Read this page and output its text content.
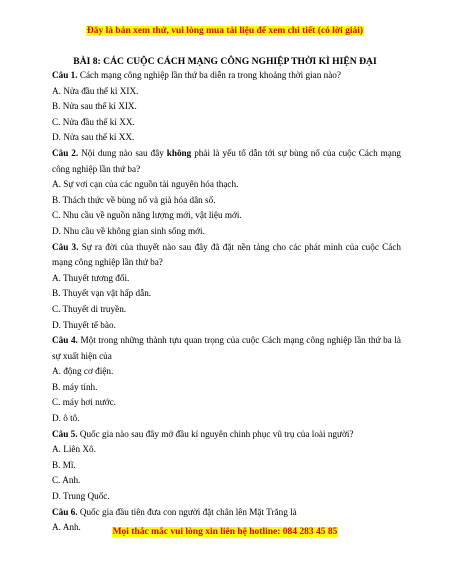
Đây là bản xem thử, vui lòng mua tài liệu để xem chi tiết (có lời giải)
BÀI 8: CÁC CUỘC CÁCH MẠNG CÔNG NGHIỆP THỜI KÌ HIỆN ĐẠI
Câu 1. Cách mạng công nghiệp lần thứ ba diễn ra trong khoảng thời gian nào?
A. Nửa đầu thế kỉ XIX.
B. Nửa sau thế kỉ XIX.
C. Nửa đầu thế kỉ XX.
D. Nửa sau thế kỉ XX.
Câu 2. Nội dung nào sau đây không phải là yếu tố dẫn tới sự bùng nổ của cuộc Cách mạng công nghiệp lần thứ ba?
A. Sự vơi cạn của các nguồn tài nguyên hóa thạch.
B. Thách thức về bùng nổ và già hóa dân số.
C. Nhu cầu về nguồn năng lượng mới, vật liệu mới.
D. Nhu cầu về không gian sinh sống mới.
Câu 3. Sự ra đời của thuyết nào sau đây đã đặt nền tảng cho các phát minh của cuộc Cách mạng công nghiệp lần thứ ba?
A. Thuyết tương đối.
B. Thuyết vạn vật hấp dẫn.
C. Thuyết di truyền.
D. Thuyết tế bào.
Câu 4. Một trong những thành tựu quan trọng của cuộc Cách mạng công nghiệp lần thứ ba là sự xuất hiện của
A. động cơ điện.
B. máy tính.
C. máy hơi nước.
D. ô tô.
Câu 5. Quốc gia nào sau đây mở đầu kỉ nguyên chinh phục vũ trụ của loài người?
A. Liên Xô.
B. Mĩ.
C. Anh.
D. Trung Quốc.
Câu 6. Quốc gia đầu tiên đưa con người đặt chân lên Mặt Trăng là
A. Anh.	Mọi thắc mắc vui lòng xin liên hệ hotline: 084 283 45 85
